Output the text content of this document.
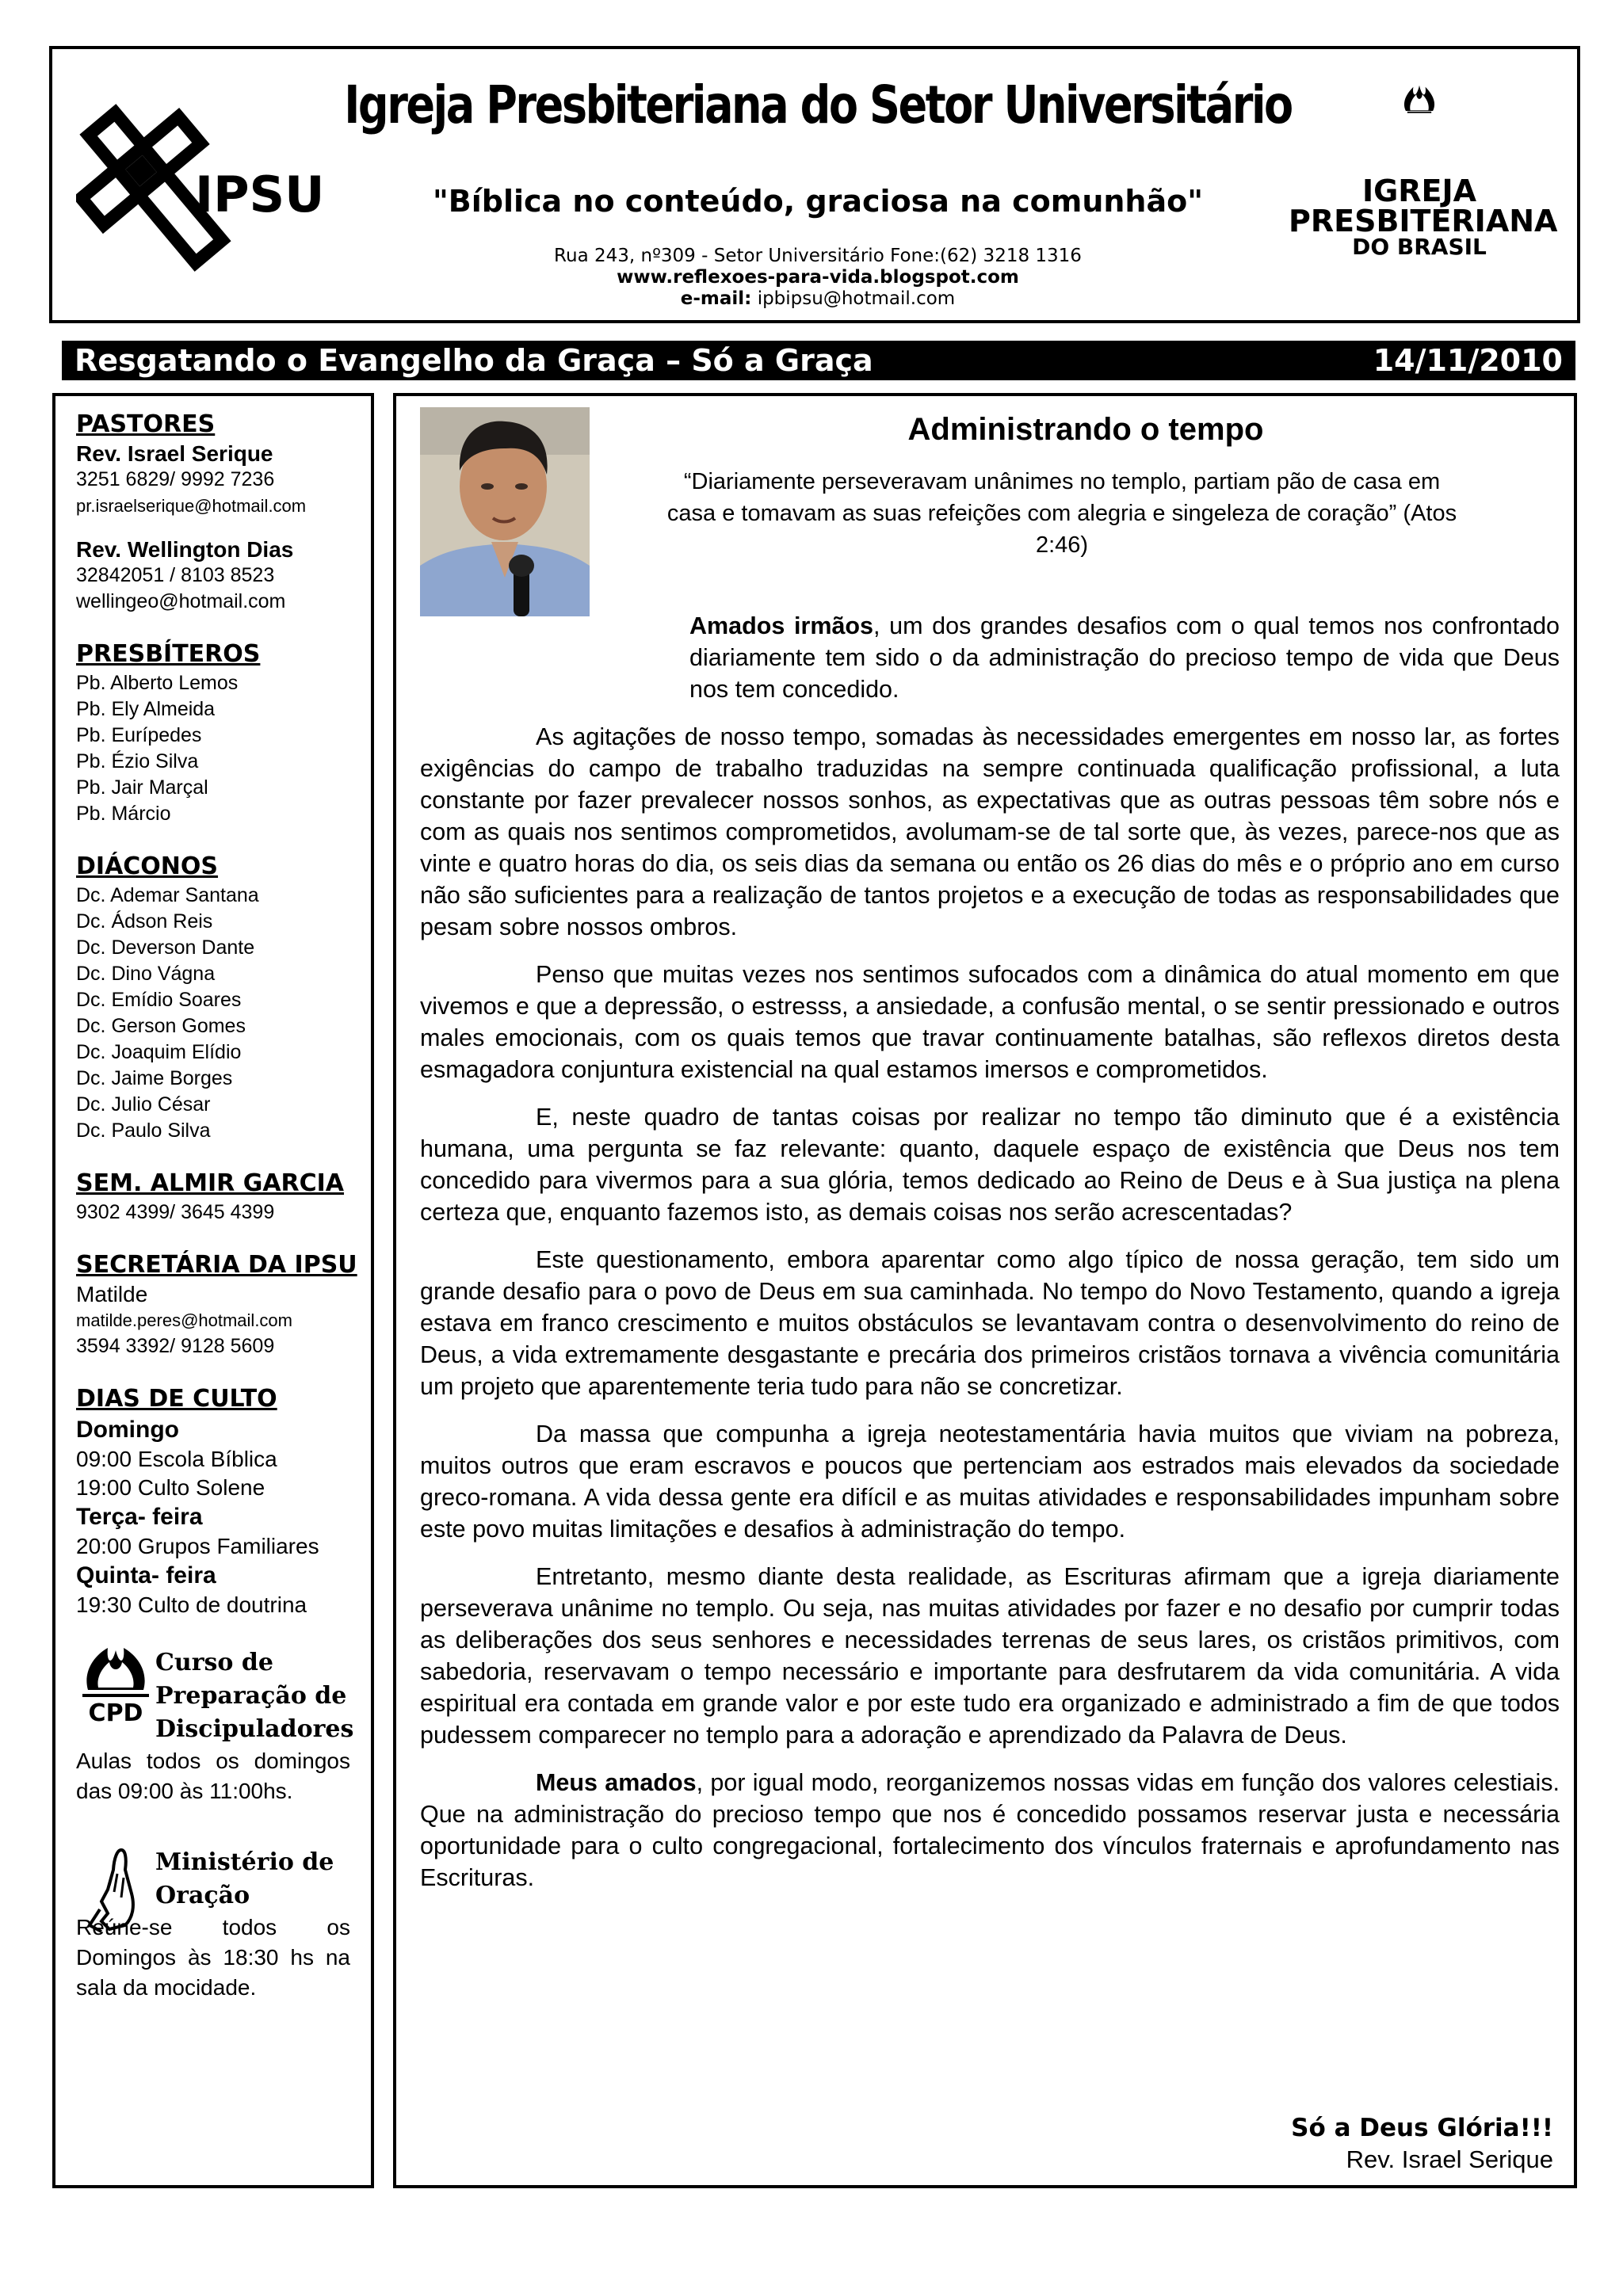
IPSU
Igreja Presbiteriana do Setor Universitário
"Bíblica no conteúdo, graciosa na comunhão"
Rua 243, nº309 - Setor Universitário Fone:(62) 3218 1316
www.reflexoes-para-vida.blogspot.com
e-mail: ipbipsu@hotmail.com
IGREJA
PRESBITERIANA
DO BRASIL
Resgatando o Evangelho da Graça – Só a Graça	14/11/2010
PASTORES
Rev. Israel Serique
3251 6829/ 9992 7236
pr.israelserique@hotmail.com
Rev. Wellington Dias
32842051 / 8103 8523
wellingeo@hotmail.com
PRESBÍTEROS
Pb. Alberto Lemos
Pb. Ely Almeida
Pb. Eurípedes
Pb. Ézio Silva
Pb. Jair Marçal
Pb. Márcio
DIÁCONOS
Dc. Ademar Santana
Dc. Ádson Reis
Dc. Deverson Dante
Dc. Dino Vágna
Dc. Emídio Soares
Dc. Gerson Gomes
Dc. Joaquim Elídio
Dc. Jaime Borges
Dc. Julio César
Dc. Paulo Silva
SEM. ALMIR GARCIA
9302 4399/ 3645 4399
SECRETÁRIA DA IPSU
Matilde
matilde.peres@hotmail.com
3594 3392/ 9128 5609
DIAS DE CULTO
Domingo
09:00 Escola Bíblica
19:00 Culto Solene
Terça- feira
20:00 Grupos Familiares
Quinta- feira
19:30 Culto de doutrina
CPD
Curso de Preparação de Discipuladores
Aulas todos os domingos das 09:00 às 11:00hs.
Ministério de Oração
Reúne-se todos os Domingos às 18:30 hs na sala da mocidade.
Administrando o tempo
“Diariamente perseveravam unânimes no templo, partiam pão de casa em casa e tomavam as suas refeições com alegria e singeleza de coração” (Atos 2:46)

Amados irmãos, um dos grandes desafios com o qual temos nos confrontado diariamente tem sido o da administração do precioso tempo de vida que Deus nos tem concedido.

As agitações de nosso tempo, somadas às necessidades emergentes em nosso lar, as fortes exigências do campo de trabalho traduzidas na sempre continuada qualificação profissional, a luta constante por fazer prevalecer nossos sonhos, as expectativas que as outras pessoas têm sobre nós e com as quais nos sentimos comprometidos, avolumam-se de tal sorte que, às vezes, parece-nos que as vinte e quatro horas do dia, os seis dias da semana ou então os 26 dias do mês e o próprio ano em curso não são suficientes para a realização de tantos projetos e a execução de todas as responsabilidades que pesam sobre nossos ombros.

Penso que muitas vezes nos sentimos sufocados com a dinâmica do atual momento em que vivemos e que a depressão, o estresss, a ansiedade, a confusão mental, o se sentir pressionado e outros males emocionais, com os quais temos que travar continuamente batalhas, são reflexos diretos desta esmagadora conjuntura existencial na qual estamos imersos e comprometidos.

E, neste quadro de tantas coisas por realizar no tempo tão diminuto que é a existência humana, uma pergunta se faz relevante: quanto, daquele espaço de existência que Deus nos tem concedido para vivermos para a sua glória, temos dedicado ao Reino de Deus e à Sua justiça na plena certeza que, enquanto fazemos isto, as demais coisas nos serão acrescentadas?

Este questionamento, embora aparentar como algo típico de nossa geração, tem sido um grande desafio para o povo de Deus em sua caminhada. No tempo do Novo Testamento, quando a igreja estava em franco crescimento e muitos obstáculos se levantavam contra o desenvolvimento do reino de Deus, a vida extremamente desgastante e precária dos primeiros cristãos tornava a vivência comunitária um projeto que aparentemente teria tudo para não se concretizar.

Da massa que compunha a igreja neotestamentária havia muitos que viviam na pobreza, muitos outros que eram escravos e poucos que pertenciam aos estrados mais elevados da sociedade greco-romana. A vida dessa gente era difícil e as muitas atividades e responsabilidades impunham sobre este povo muitas limitações e desafios à administração do tempo.

Entretanto, mesmo diante desta realidade, as Escrituras afirmam que a igreja diariamente perseverava unânime no templo. Ou seja, nas muitas atividades por fazer e no desafio por cumprir todas as deliberações dos seus senhores e necessidades terrenas de seus lares, os cristãos primitivos, com sabedoria, reservavam o tempo necessário e importante para desfrutarem da vida comunitária. A vida espiritual era contada em grande valor e por este tudo era organizado e administrado a fim de que todos pudessem comparecer no templo para a adoração e aprendizado da Palavra de Deus.

Meus amados, por igual modo, reorganizemos nossas vidas em função dos valores celestiais. Que na administração do precioso tempo que nos é concedido possamos reservar justa e necessária oportunidade para o culto congregacional, fortalecimento dos vínculos fraternais e aprofundamento nas Escrituras.

Só a Deus Glória!!!
Rev. Israel Serique
